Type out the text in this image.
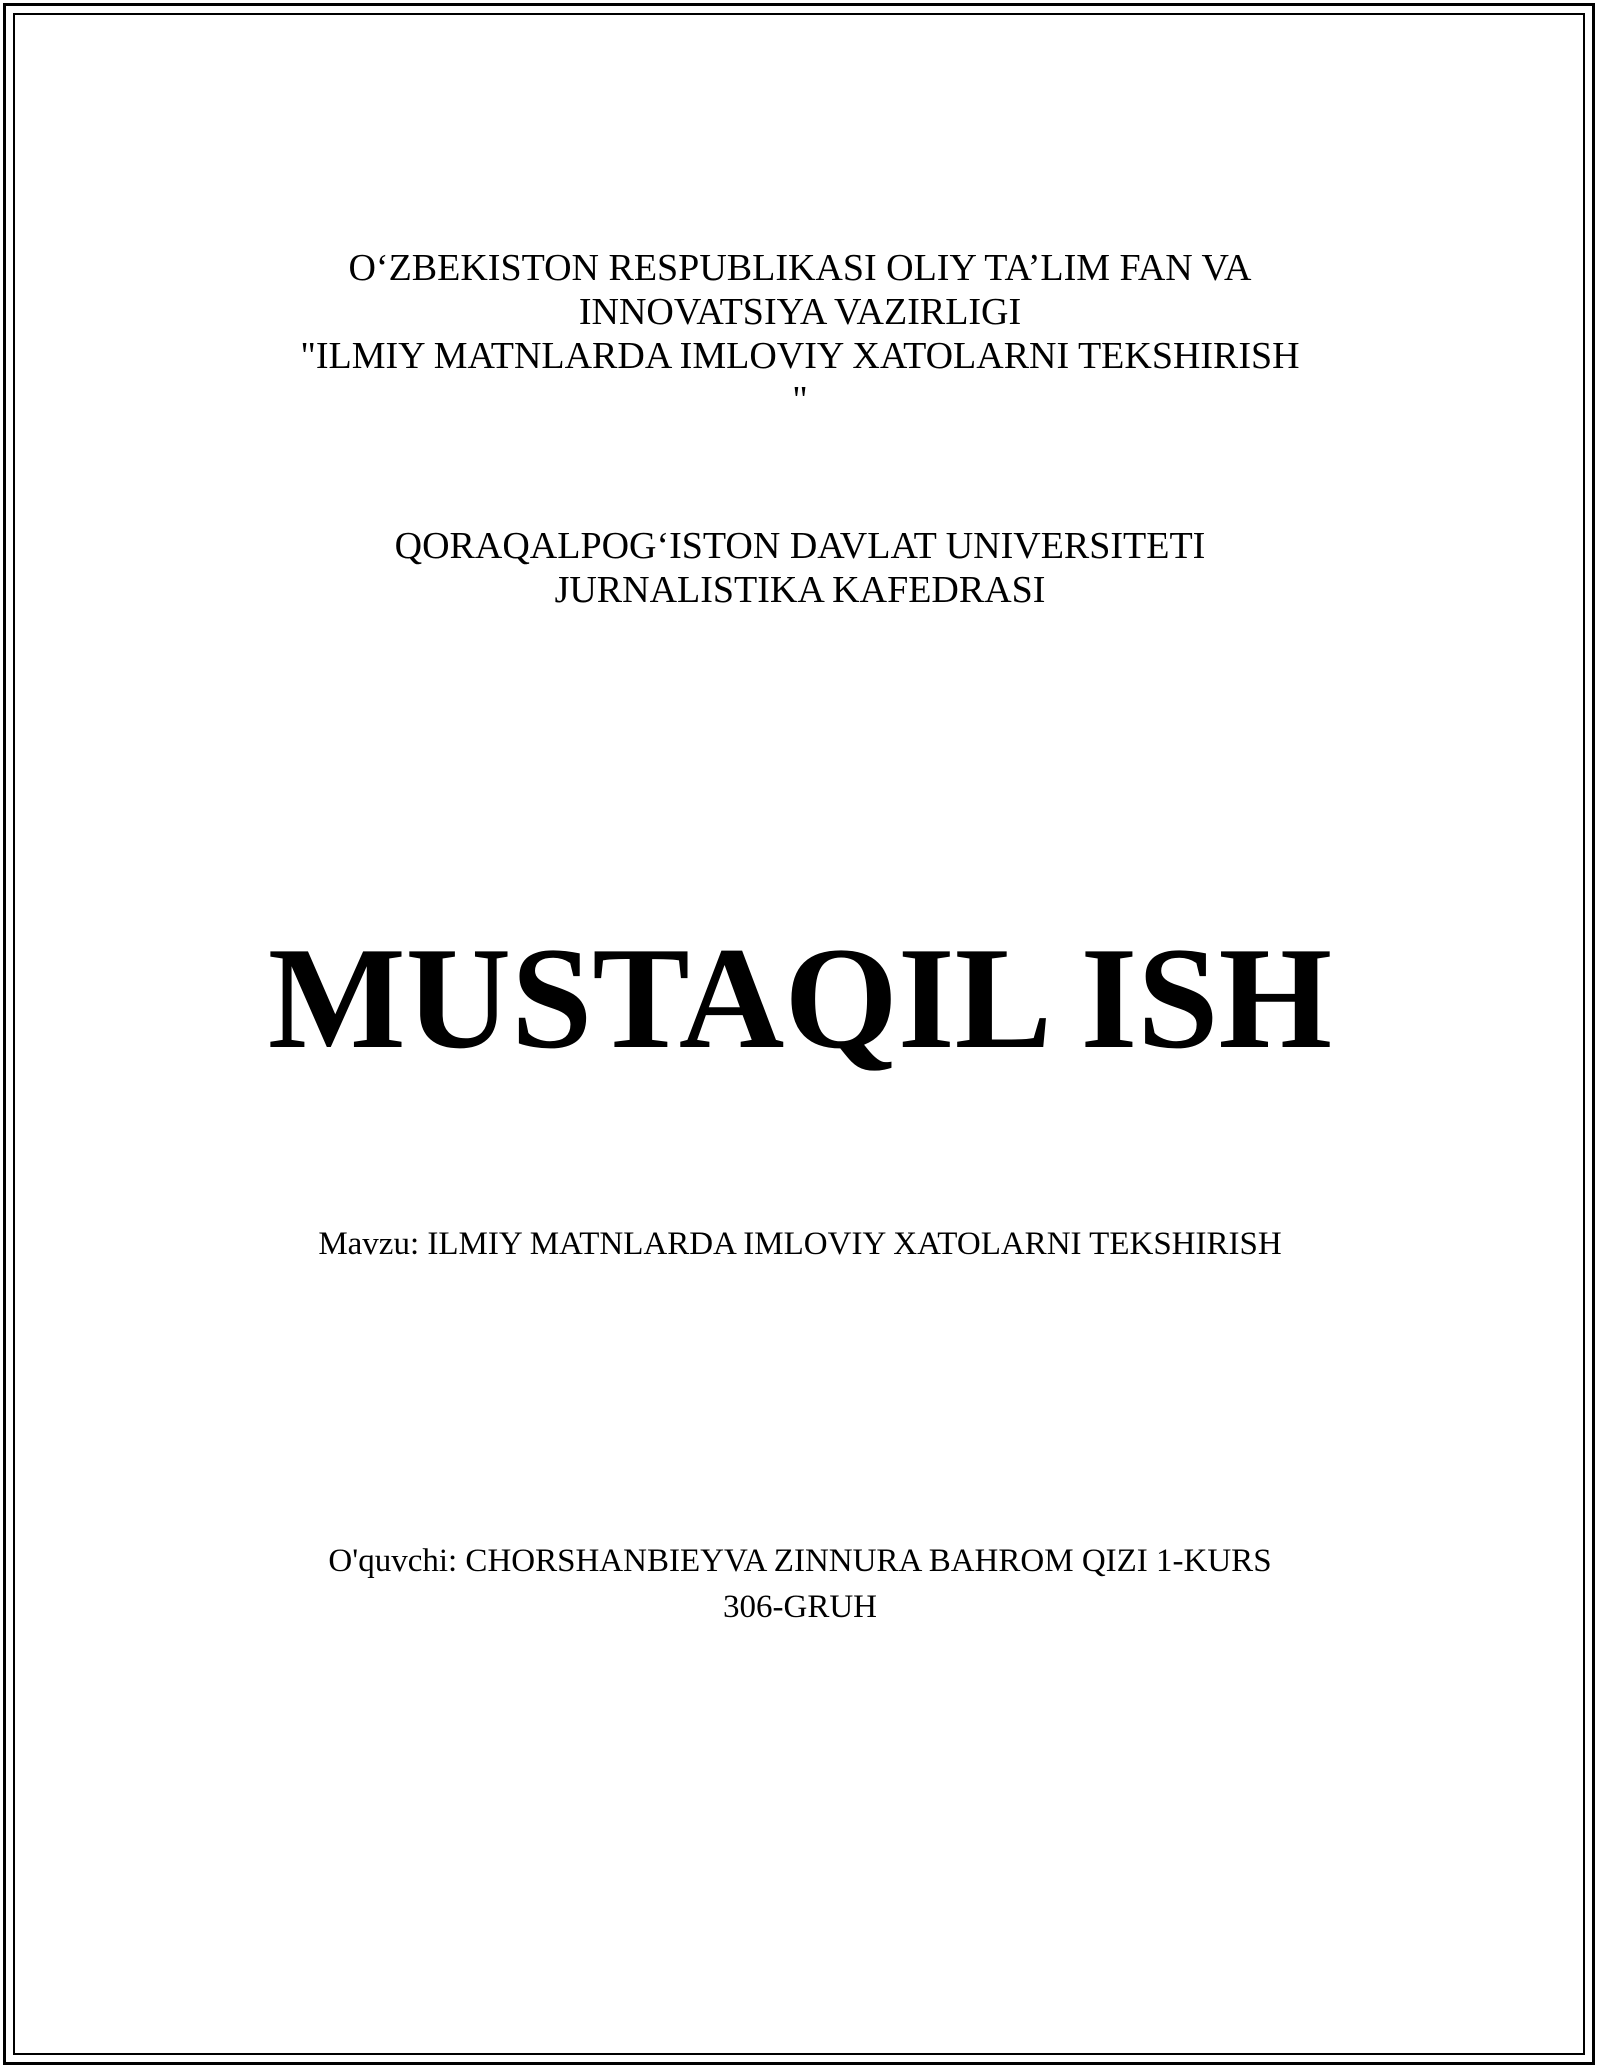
O‘ZBEKISTON RESPUBLIKASI OLIY TA’LIM FAN VA
INNOVATSIYA VAZIRLIGI
"ILMIY MATNLARDA IMLOVIY XATOLARNI TEKSHIRISH
"
QORAQALPOG‘ISTON DAVLAT UNIVERSITETI
JURNALISTIKA KAFEDRASI
MUSTAQIL ISH
Mavzu: ILMIY MATNLARDA IMLOVIY XATOLARNI TEKSHIRISH
O'quvchi: CHORSHANBIEYVA ZINNURA BAHROM QIZI 1-KURS
306-GRUH
